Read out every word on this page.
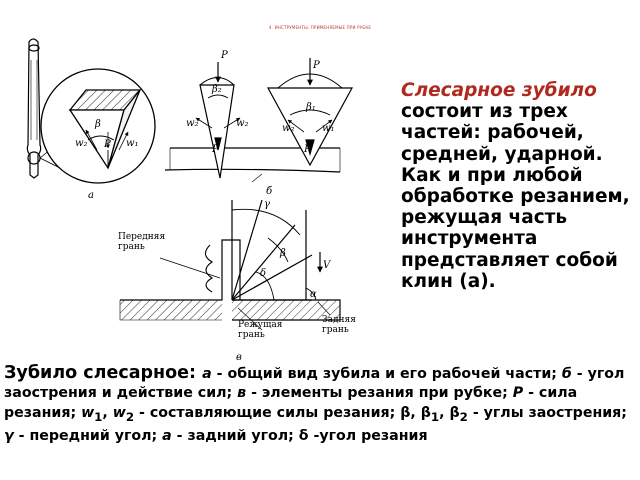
4. ИНСТРУМЕНТЫ, ПРИМЕНЯЕМЫЕ ПРИ РУБКЕ
β
w₂	w₁
P
а
P
P
β₂
β₁
w₂	w₂	w₂	w₁
P	P
б
γ
β
δ
α
V
Передняя грань
Режущая грань
Задняя грань
в
Слесарное зубило состоит из трех частей: рабочей, средней, ударной. Как и при любой обработке резанием, режущая часть инструмента представляет собой клин (а).
Зубило слесарное: а - общий вид зубила и его рабочей части; б - угол заострения и действие сил; в - элементы резания при рубке; Р - сила резания; $w_1$, $w_2$ - составляющие силы резания; β, $\beta_1$, $\beta_2$ - углы заострения; γ - передний угол; a - задний угол; δ -угол резания
